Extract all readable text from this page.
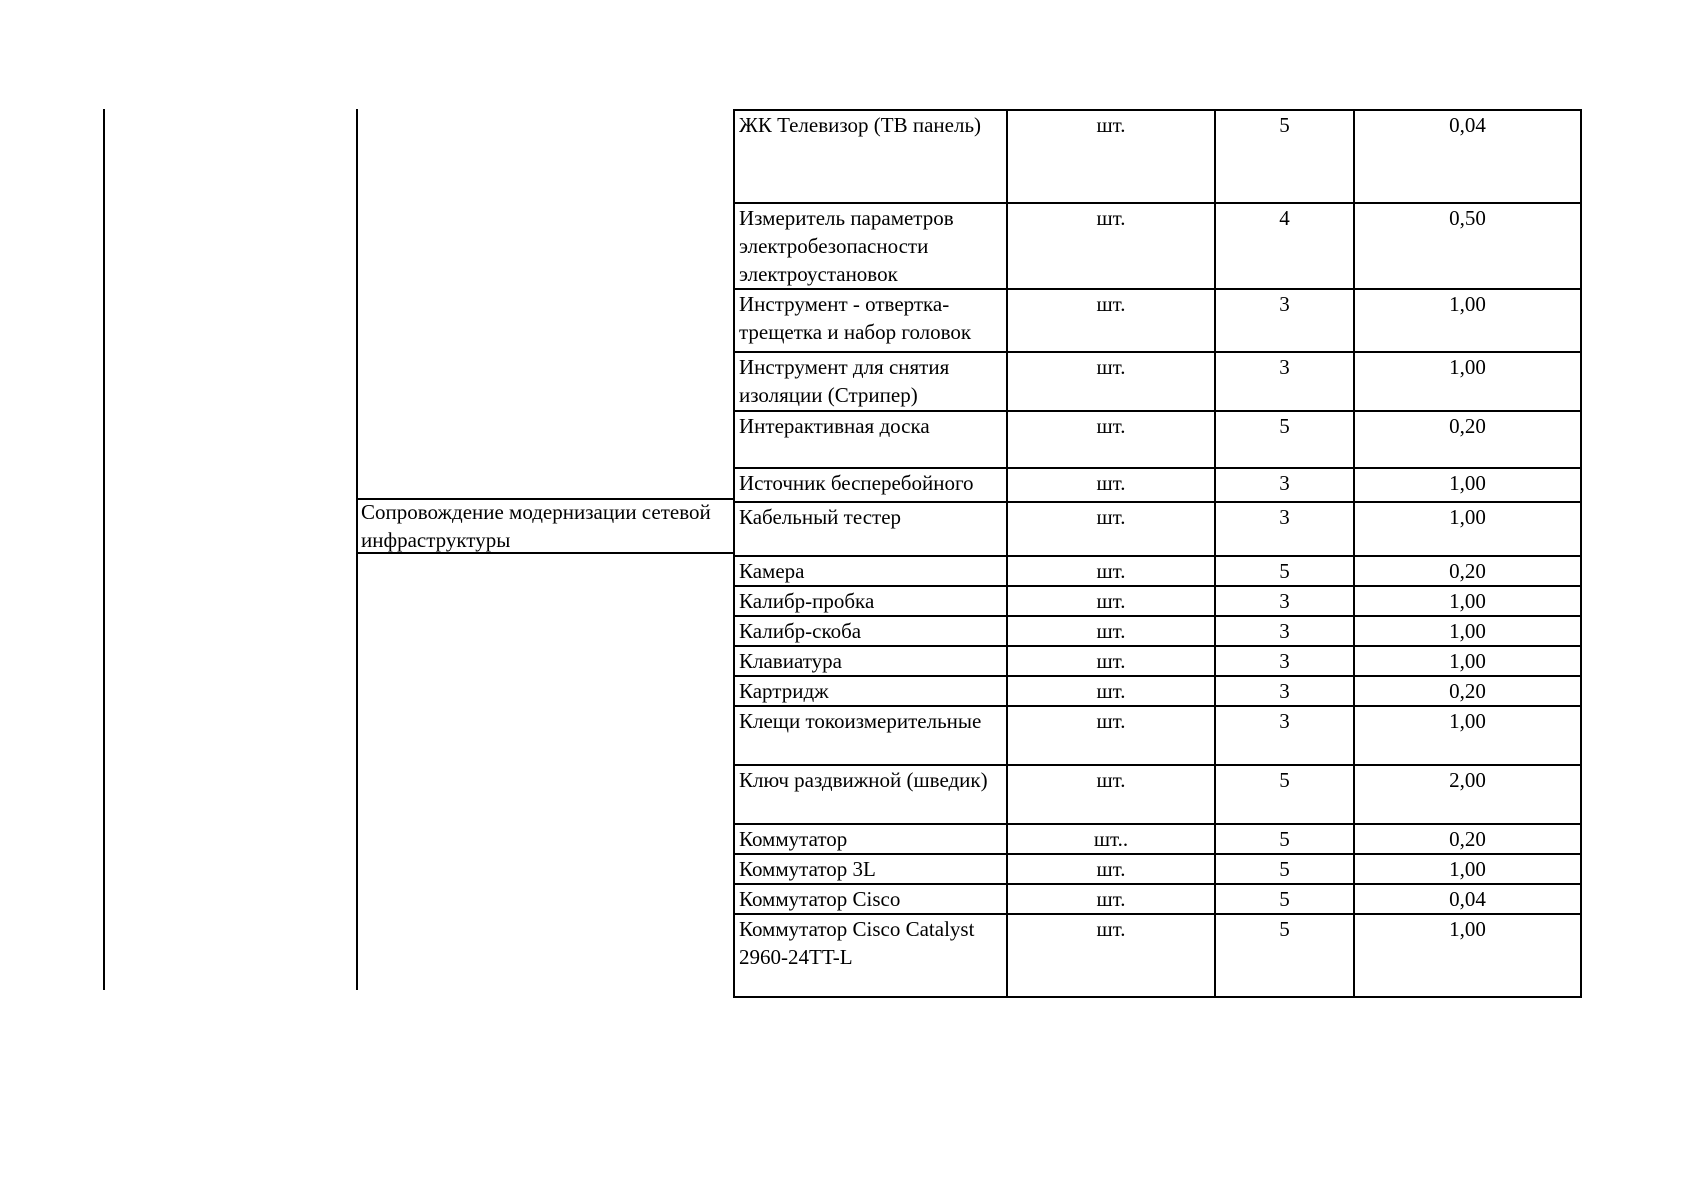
Сопровождение модернизации сетевой инфраструктуры
ЖК Телевизор (ТВ панель)	шт.	5	0,04
Измеритель параметров электробезопасности электроустановок	шт.	4	0,50
Инструмент - отвертка-трещетка и набор головок	шт.	3	1,00
Инструмент для снятия изоляции (Стрипер)	шт.	3	1,00
Интерактивная доска	шт.	5	0,20
Источник бесперебойного	шт.	3	1,00
Кабельный тестер	шт.	3	1,00
Камера	шт.	5	0,20
Калибр-пробка	шт.	3	1,00
Калибр-скоба	шт.	3	1,00
Клавиатура	шт.	3	1,00
Картридж	шт.	3	0,20
Клещи токоизмерительные	шт.	3	1,00
Ключ раздвижной (шведик)	шт.	5	2,00
Коммутатор	шт..	5	0,20
Коммутатор 3L	шт.	5	1,00
Коммутатор Cisco	шт.	5	0,04
Коммутатор Cisco Catalyst 2960-24TT-L	шт.	5	1,00
